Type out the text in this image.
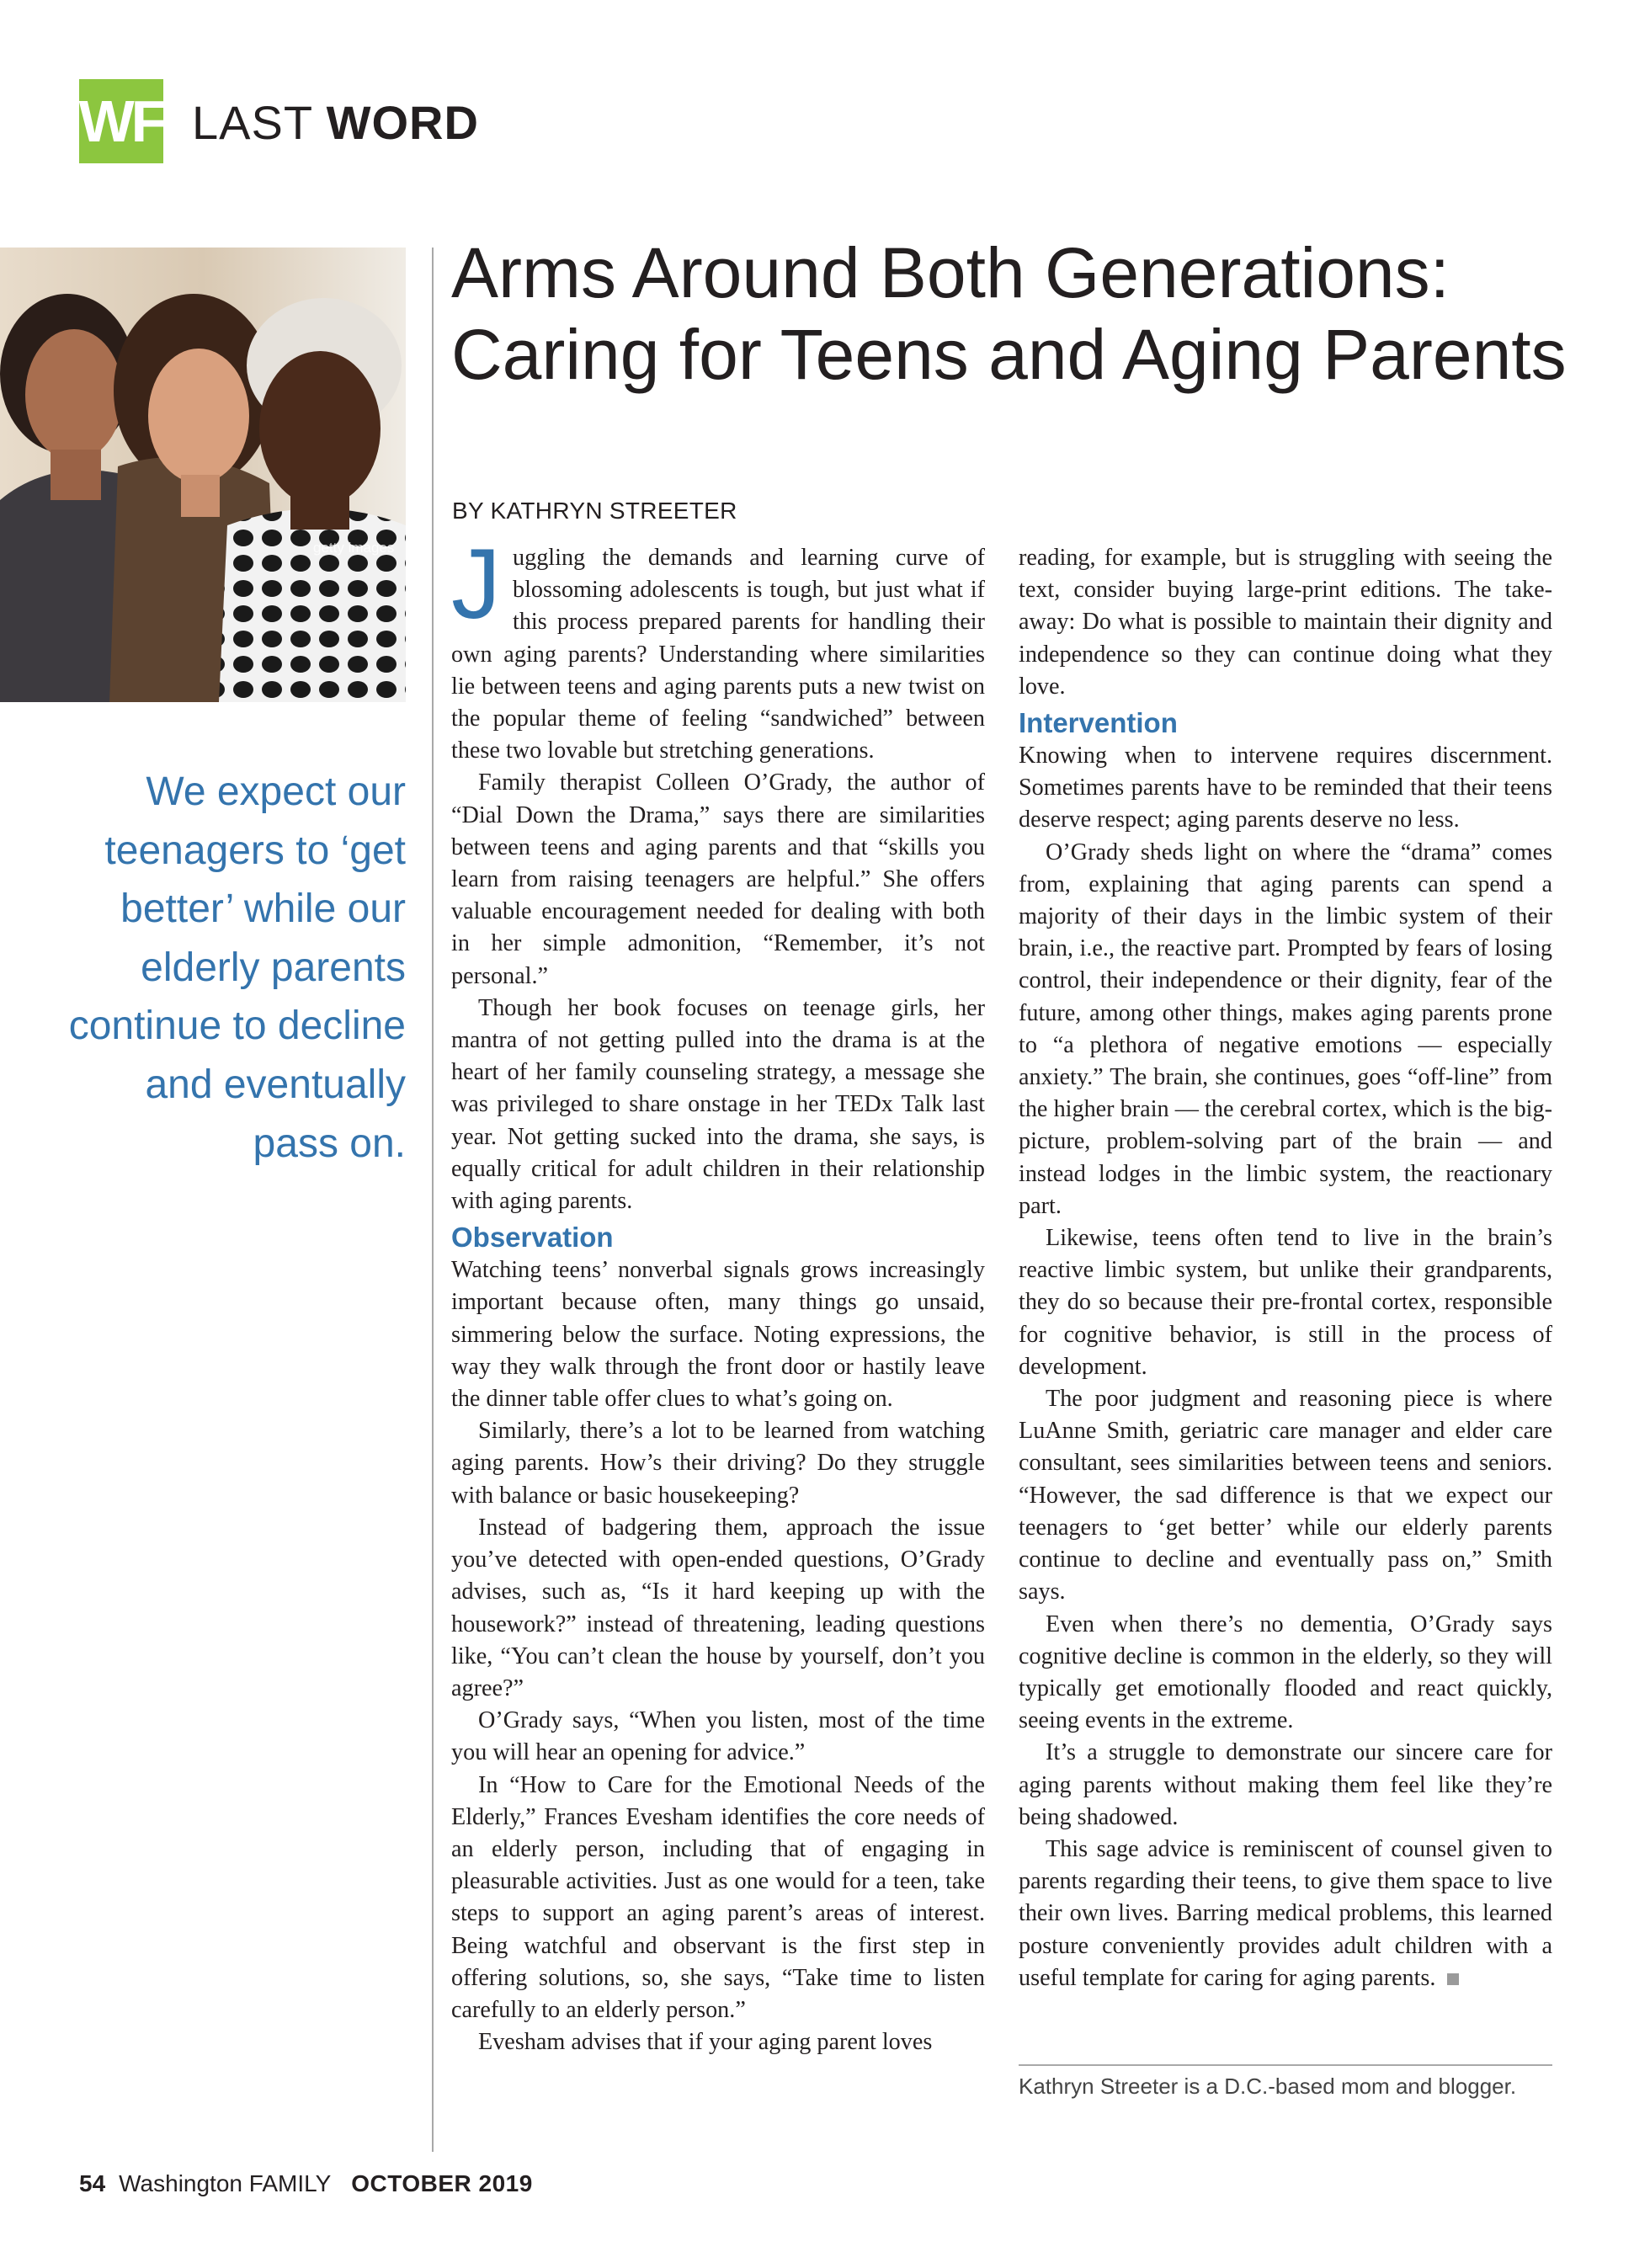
WF LAST WORD
getty images

We expect our teenagers to ‘get better’ while our elderly parents continue to decline and eventually pass on.

Arms Around Both Generations: Caring for Teens and Aging Parents

BY KATHRYN STREETER

Juggling the demands and learning curve of blossoming adolescents is tough, but just what if this process prepared parents for handling their own aging parents? Understanding where similarities lie between teens and aging parents puts a new twist on the popular theme of feeling “sandwiched” between these two lovable but stretching generations.

Family therapist Colleen O’Grady, the author of “Dial Down the Drama,” says there are similarities between teens and aging parents and that “skills you learn from raising teenagers are helpful.” She offers valuable encouragement needed for dealing with both in her simple admonition, “Remember, it’s not personal.”

Though her book focuses on teenage girls, her mantra of not getting pulled into the drama is at the heart of her family counseling strategy, a message she was privileged to share onstage in her TEDx Talk last year. Not getting sucked into the drama, she says, is equally critical for adult children in their relationship with aging parents.

Observation

Watching teens’ nonverbal signals grows increasingly important because often, many things go unsaid, simmering below the surface. Noting expressions, the way they walk through the front door or hastily leave the dinner table offer clues to what’s going on.

Similarly, there’s a lot to be learned from watching aging parents. How’s their driving? Do they struggle with balance or basic housekeeping?

Instead of badgering them, approach the issue you’ve detected with open-ended questions, O’Grady advises, such as, “Is it hard keeping up with the housework?” instead of threatening, leading questions like, “You can’t clean the house by yourself, don’t you agree?”

O’Grady says, “When you listen, most of the time you will hear an opening for advice.”

In “How to Care for the Emotional Needs of the Elderly,” Frances Evesham identifies the core needs of an elderly person, including that of engaging in pleasurable activities. Just as one would for a teen, take steps to support an aging parent’s areas of interest. Being watchful and observant is the first step in offering solutions, so, she says, “Take time to listen carefully to an elderly person.”

Evesham advises that if your aging parent loves

reading, for example, but is struggling with seeing the text, consider buying large-print editions. The take-away: Do what is possible to maintain their dignity and independence so they can continue doing what they love.

Intervention

Knowing when to intervene requires discernment. Sometimes parents have to be reminded that their teens deserve respect; aging parents deserve no less.

O’Grady sheds light on where the “drama” comes from, explaining that aging parents can spend a majority of their days in the limbic system of their brain, i.e., the reactive part. Prompted by fears of losing control, their independence or their dignity, fear of the future, among other things, makes aging parents prone to “a plethora of negative emotions — especially anxiety.” The brain, she continues, goes “off-line” from the higher brain — the cerebral cortex, which is the big-picture, problem-solving part of the brain — and instead lodges in the limbic system, the reactionary part.

Likewise, teens often tend to live in the brain’s reactive limbic system, but unlike their grandparents, they do so because their pre-frontal cortex, responsible for cognitive behavior, is still in the process of development.

The poor judgment and reasoning piece is where LuAnne Smith, geriatric care manager and elder care consultant, sees similarities between teens and seniors. “However, the sad difference is that we expect our teenagers to ‘get better’ while our elderly parents continue to decline and eventually pass on,” Smith says.

Even when there’s no dementia, O’Grady says cognitive decline is common in the elderly, so they will typically get emotionally flooded and react quickly, seeing events in the extreme.

It’s a struggle to demonstrate our sincere care for aging parents without making them feel like they’re being shadowed.

This sage advice is reminiscent of counsel given to parents regarding their teens, to give them space to live their own lives. Barring medical problems, this learned posture conveniently provides adult children with a useful template for caring for aging parents.

Kathryn Streeter is a D.C.-based mom and blogger.

54 Washington FAMILY OCTOBER 2019
